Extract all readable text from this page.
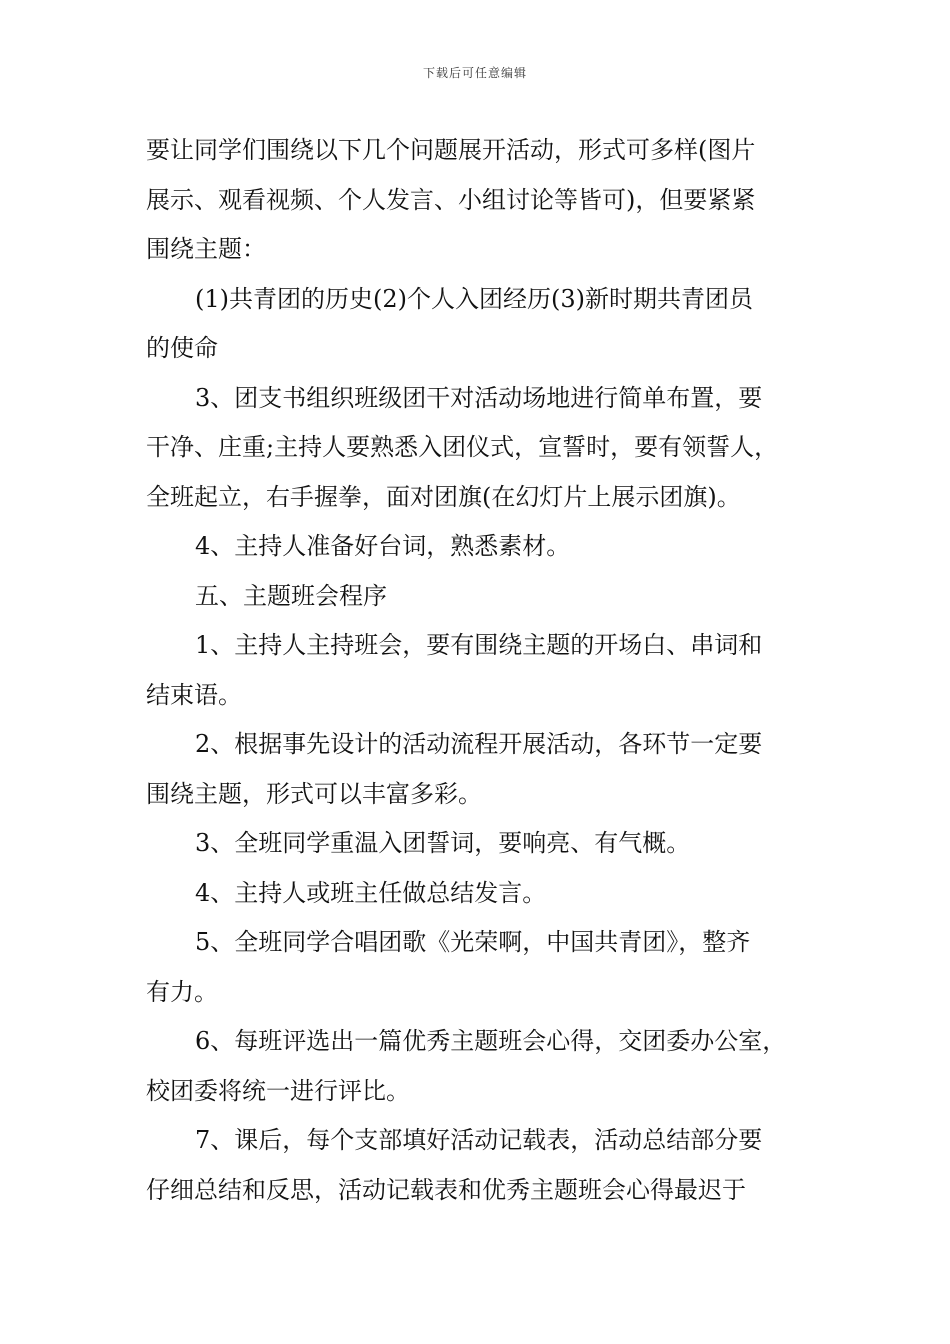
下载后可任意编辑

要让同学们围绕以下几个问题展开活动，形式可多样(图片
展示、观看视频、个人发言、小组讨论等皆可)，但要紧紧
围绕主题：

(1)共青团的历史(2)个人入团经历(3)新时期共青团员
的使命

3、团支书组织班级团干对活动场地进行简单布置，要
干净、庄重;主持人要熟悉入团仪式，宣誓时，要有领誓人，
全班起立，右手握拳，面对团旗(在幻灯片上展示团旗)。

4、主持人准备好台词，熟悉素材。

五、主题班会程序

1、主持人主持班会，要有围绕主题的开场白、串词和
结束语。

2、根据事先设计的活动流程开展活动，各环节一定要
围绕主题，形式可以丰富多彩。

3、全班同学重温入团誓词，要响亮、有气概。

4、主持人或班主任做总结发言。

5、全班同学合唱团歌《光荣啊，中国共青团》，整齐
有力。

6、每班评选出一篇优秀主题班会心得，交团委办公室，
校团委将统一进行评比。

7、课后，每个支部填好活动记载表，活动总结部分要
仔细总结和反思，活动记载表和优秀主题班会心得最迟于
